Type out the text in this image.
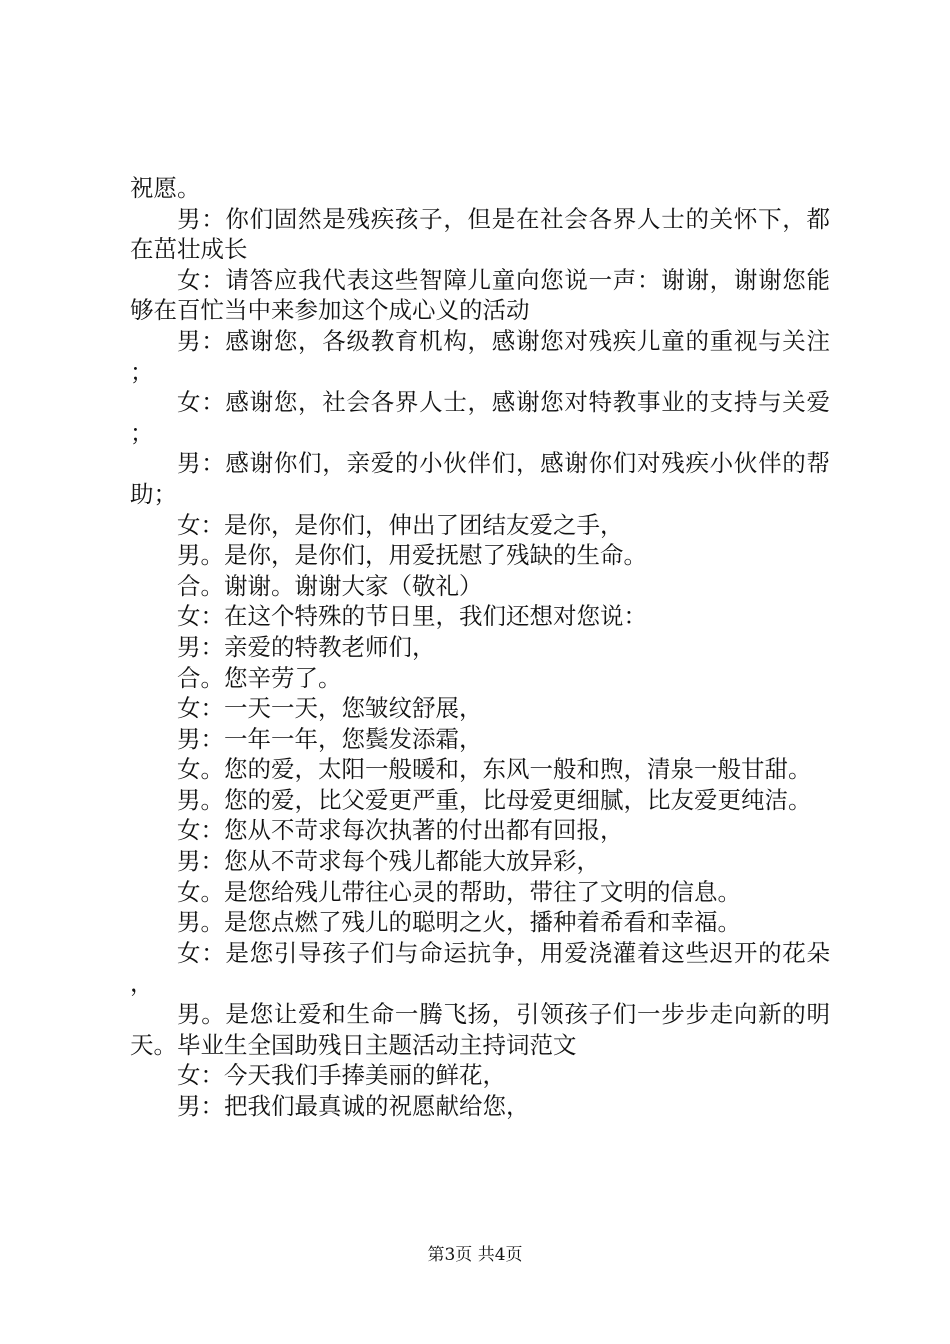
祝愿。

男：你们固然是残疾孩子，但是在社会各界人士的关怀下，都在茁壮成长

女：请答应我代表这些智障儿童向您说一声：谢谢，谢谢您能够在百忙当中来参加这个成心义的活动

男：感谢您，各级教育机构，感谢您对残疾儿童的重视与关注；

女：感谢您，社会各界人士，感谢您对特教事业的支持与关爱；

男：感谢你们，亲爱的小伙伴们，感谢你们对残疾小伙伴的帮助；

女：是你，是你们，伸出了团结友爱之手，

男。是你，是你们，用爱抚慰了残缺的生命。

合。谢谢。谢谢大家（敬礼）

女：在这个特殊的节日里，我们还想对您说：

男：亲爱的特教老师们，

合。您辛劳了。

女：一天一天，您皱纹舒展，

男：一年一年，您鬓发添霜，

女。您的爱，太阳一般暖和，东风一般和煦，清泉一般甘甜。

男。您的爱，比父爱更严重，比母爱更细腻，比友爱更纯洁。

女：您从不苛求每次执著的付出都有回报，

男：您从不苛求每个残儿都能大放异彩，

女。是您给残儿带往心灵的帮助，带往了文明的信息。

男。是您点燃了残儿的聪明之火，播种着希看和幸福。

女：是您引导孩子们与命运抗争，用爱浇灌着这些迟开的花朵，

男。是您让爱和生命一腾飞扬，引领孩子们一步步走向新的明天。毕业生全国助残日主题活动主持词范文

女：今天我们手捧美丽的鲜花，

男：把我们最真诚的祝愿献给您，

第3页 共4页
